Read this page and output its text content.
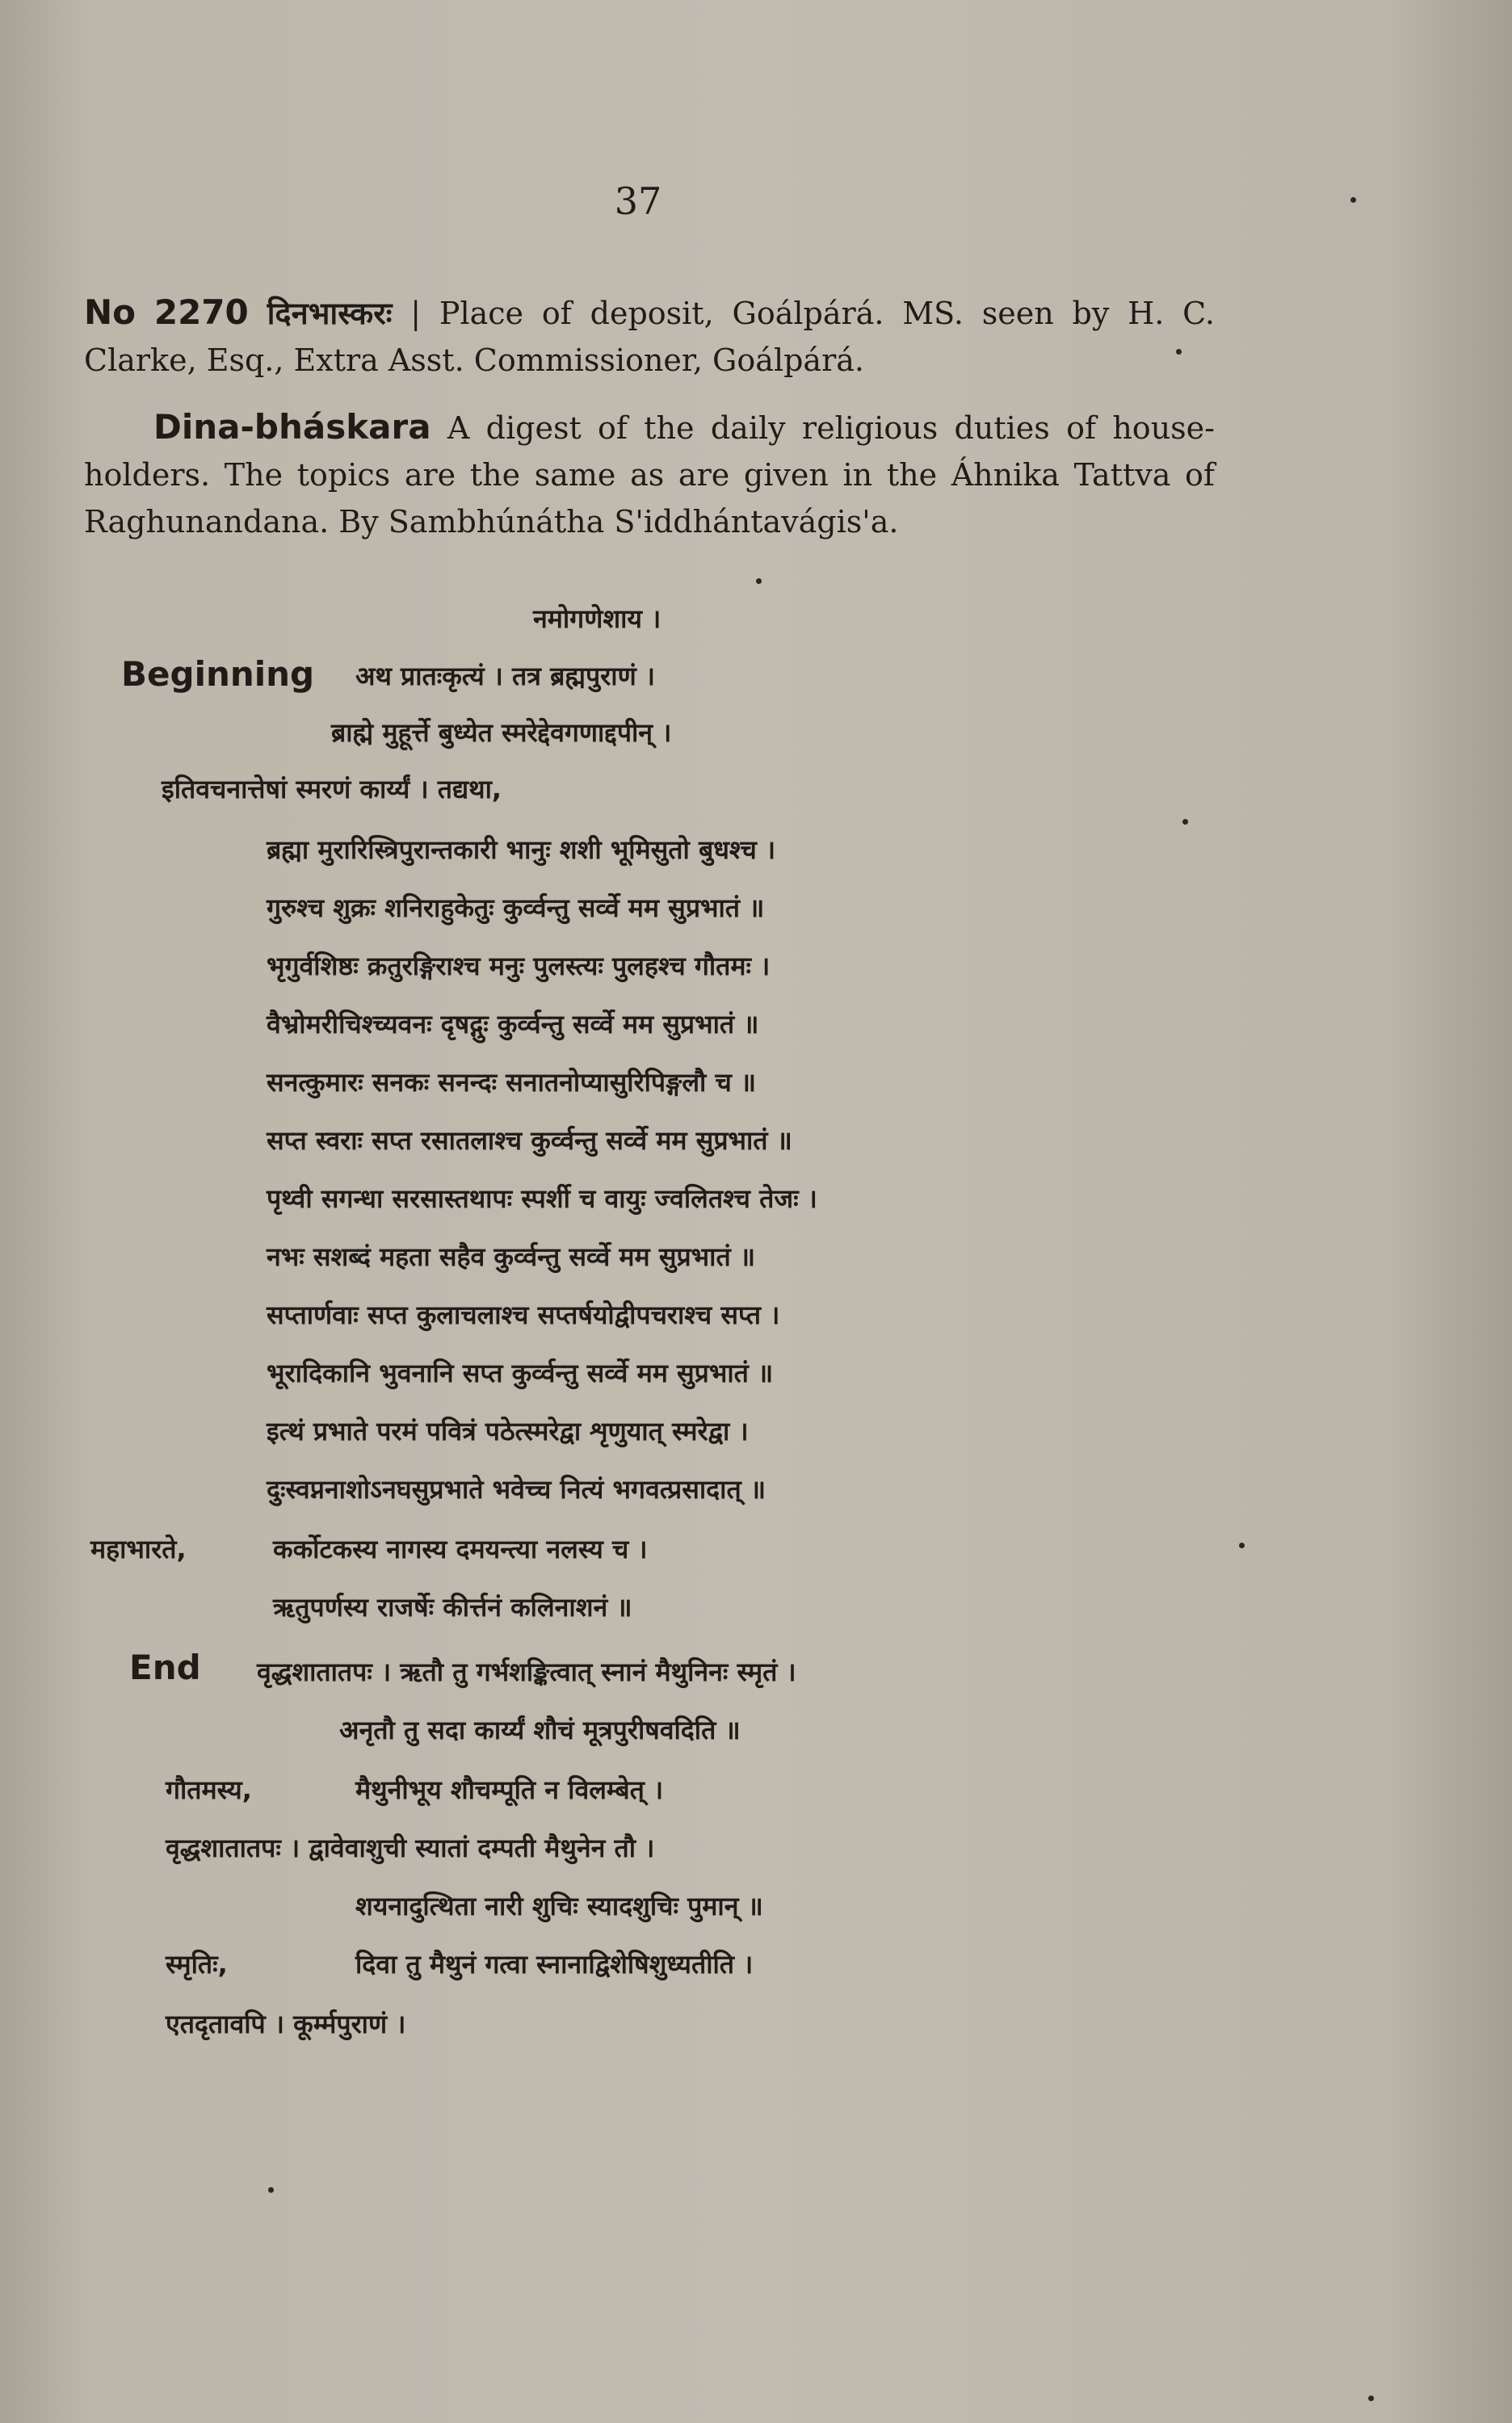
37
No 2270 दिनभास्करः | Place of deposit, Goálpárá. MS. seen by H. C. Clarke, Esq., Extra Asst. Commissioner, Goálpárá.
Dina-bháskara A digest of the daily religious duties of house-holders. The topics are the same as are given in the Áhnika Tattva of Raghunandana. By Sambhúnátha S'iddhántavágis'a.
नमोगणेशाय ।
Beginning अथ प्रातःकृत्यं । तत्र ब्रह्मपुराणं ।
ब्राह्मे मुहूर्त्ते बुध्येत स्मरेद्देवगणाद्दपीन् ।
इतिवचनात्तेषां स्मरणं कार्य्यं । तद्यथा,
ब्रह्मा मुरारिस्त्रिपुरान्तकारी भानुः शशी भूमिसुतो बुधश्च ।
गुरुश्च शुक्रः शनिराहुकेतुः कुर्व्वन्तु सर्व्वे मम सुप्रभातं ॥
भृगुर्वशिष्ठः क्रतुरङ्गिराश्च मनुः पुलस्त्यः पुलहश्च गौतमः ।
वैभ्रोमरीचिश्च्यवनः दृषद्गुः कुर्व्वन्तु सर्व्वे मम सुप्रभातं ॥
सनत्कुमारः सनकः सनन्दः सनातनोप्यासुरिपिङ्गलौ च ॥
सप्त स्वराः सप्त रसातलाश्च कुर्व्वन्तु सर्व्वे मम सुप्रभातं ॥
पृथ्वी सगन्धा सरसास्तथापः स्पर्शी च वायुः ज्वलितश्च तेजः ।
नभः सशब्दं महता सहैव कुर्व्वन्तु सर्व्वे मम सुप्रभातं ॥
सप्तार्णवाः सप्त कुलाचलाश्च सप्तर्षयोद्वीपचराश्च सप्त ।
भूरादिकानि भुवनानि सप्त कुर्व्वन्तु सर्व्वे मम सुप्रभातं ॥
इत्थं प्रभाते परमं पवित्रं पठेत्स्मरेद्वा शृणुयात् स्मरेद्वा ।
दुःस्वप्ननाशोऽनघसुप्रभाते भवेच्च नित्यं भगवत्प्रसादात् ॥
महाभारते,	कर्कोटकस्य नागस्य दमयन्त्या नलस्य च ।
ऋतुपर्णस्य राजर्षेः कीर्त्तनं कलिनाशनं ॥
End वृद्धशातातपः । ऋतौ तु गर्भशङ्कित्वात् स्नानं मैथुनिनः स्मृतं ।
अनृतौ तु सदा कार्य्यं शौचं मूत्रपुरीषवदिति ॥
गौतमस्य,	मैथुनीभूय शौचम्पूति न विलम्बेत् ।
वृद्धशातातपः । द्वावेवाशुची स्यातां दम्पती मैथुनेन तौ ।
शयनादुत्थिता नारी शुचिः स्यादशुचिः पुमान् ॥
स्मृतिः,	दिवा तु मैथुनं गत्वा स्नानाद्विशेषिशुध्यतीति ।
एतदृतावपि । कूर्म्मपुराणं ।
